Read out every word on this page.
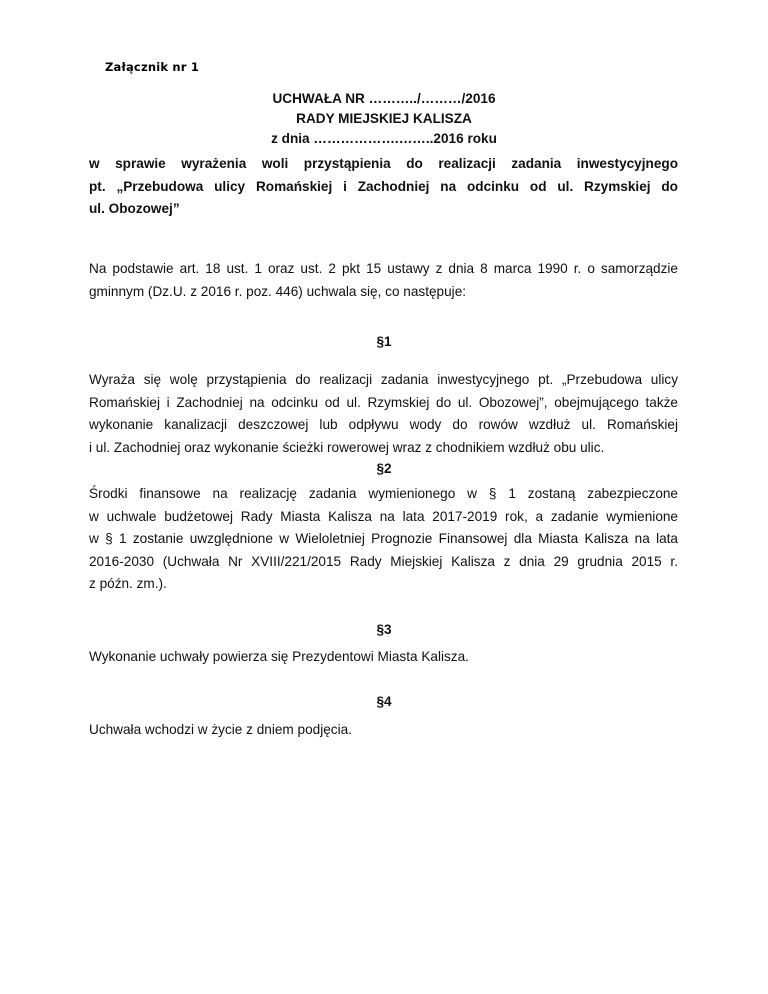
Załącznik nr 1
UCHWAŁA NR ………../………/2016
RADY MIEJSKIEJ KALISZA
z dnia ……………….……..2016 roku
w sprawie wyrażenia woli przystąpienia do realizacji zadania inwestycyjnego
pt. „Przebudowa ulicy Romańskiej i Zachodniej na odcinku od ul. Rzymskiej do
ul. Obozowej”
Na podstawie art. 18 ust. 1 oraz ust. 2 pkt 15 ustawy z dnia 8 marca 1990 r. o samorządzie
gminnym (Dz.U. z 2016 r. poz. 446) uchwala się, co następuje:
§1
Wyraża się wolę przystąpienia do realizacji zadania inwestycyjnego pt. „Przebudowa ulicy
Romańskiej i Zachodniej na odcinku od ul. Rzymskiej do ul. Obozowej”, obejmującego także
wykonanie kanalizacji deszczowej lub odpływu wody do rowów wzdłuż ul. Romańskiej
i ul. Zachodniej oraz wykonanie ścieżki rowerowej wraz z chodnikiem wzdłuż obu ulic.
§2
Środki finansowe na realizację zadania wymienionego w § 1 zostaną zabezpieczone
w uchwale budżetowej Rady Miasta Kalisza na lata 2017-2019 rok, a zadanie wymienione
w § 1 zostanie uwzględnione w Wieloletniej Prognozie Finansowej dla Miasta Kalisza na lata
2016-2030 (Uchwała Nr XVIII/221/2015 Rady Miejskiej Kalisza z dnia 29 grudnia 2015 r.
z późn. zm.).
§3
Wykonanie uchwały powierza się Prezydentowi Miasta Kalisza.
§4
Uchwała wchodzi w życie z dniem podjęcia.
